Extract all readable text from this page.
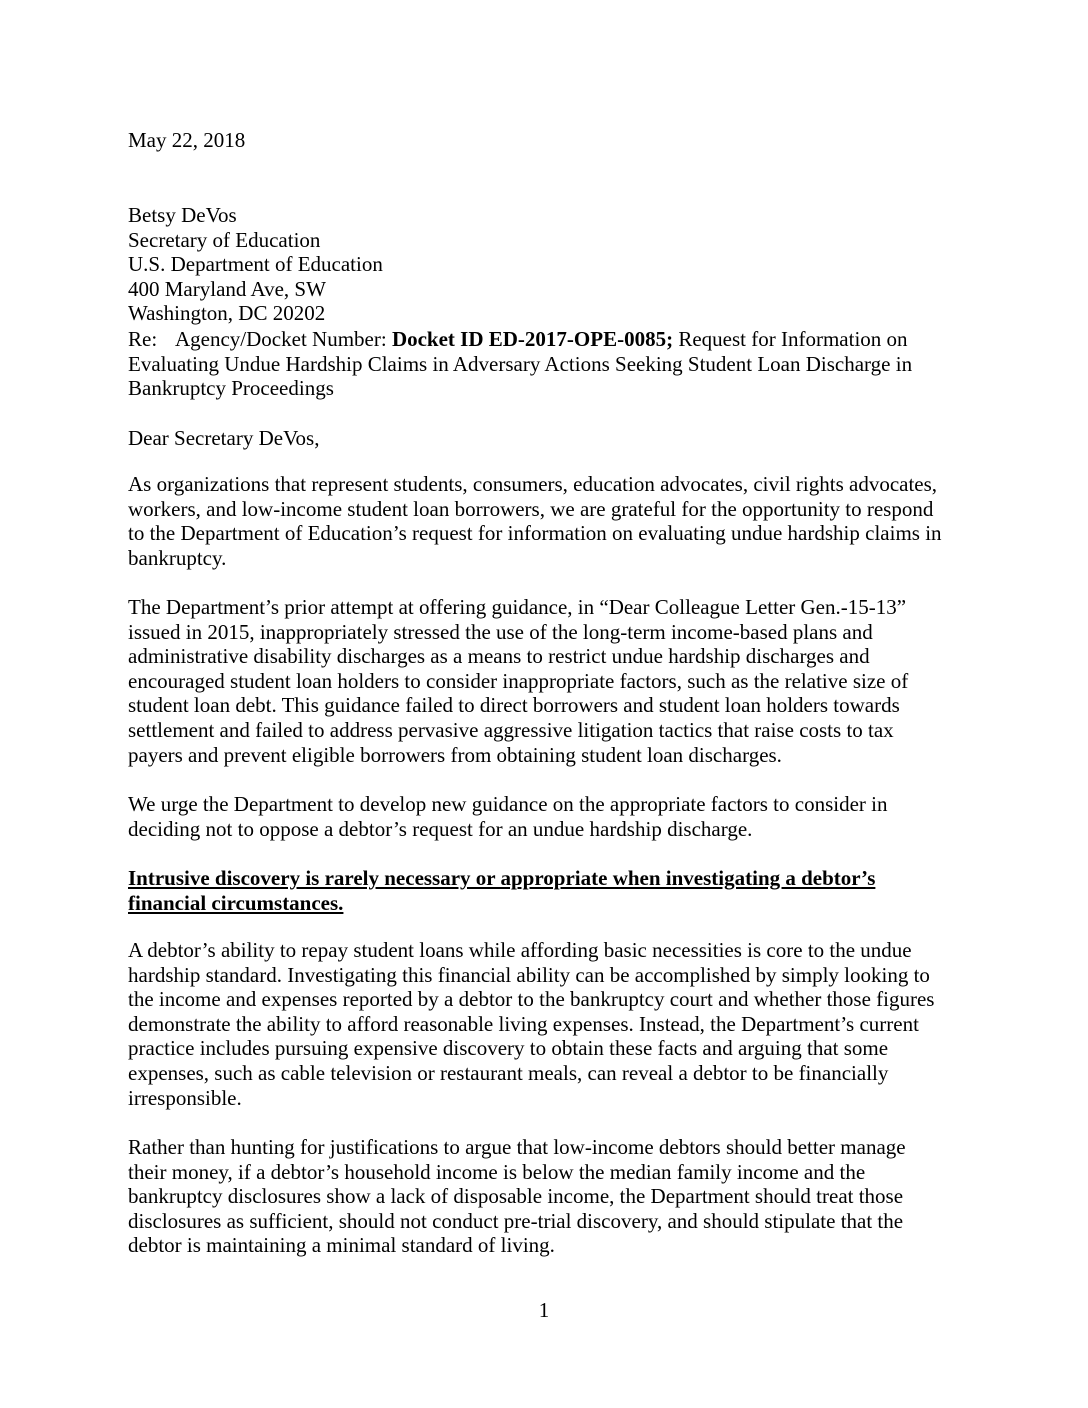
May 22, 2018
Betsy DeVos
Secretary of Education
U.S. Department of Education
400 Maryland Ave, SW
Washington, DC 20202
Re: Agency/Docket Number: Docket ID ED-2017-OPE-0085; Request for Information on
Evaluating Undue Hardship Claims in Adversary Actions Seeking Student Loan Discharge in
Bankruptcy Proceedings
Dear Secretary DeVos,
As organizations that represent students, consumers, education advocates, civil rights advocates,
workers, and low-income student loan borrowers, we are grateful for the opportunity to respond
to the Department of Education’s request for information on evaluating undue hardship claims in
bankruptcy.
The Department’s prior attempt at offering guidance, in “Dear Colleague Letter Gen.-15-13”
issued in 2015, inappropriately stressed the use of the long-term income-based plans and
administrative disability discharges as a means to restrict undue hardship discharges and
encouraged student loan holders to consider inappropriate factors, such as the relative size of
student loan debt. This guidance failed to direct borrowers and student loan holders towards
settlement and failed to address pervasive aggressive litigation tactics that raise costs to tax
payers and prevent eligible borrowers from obtaining student loan discharges.
We urge the Department to develop new guidance on the appropriate factors to consider in
deciding not to oppose a debtor’s request for an undue hardship discharge.
Intrusive discovery is rarely necessary or appropriate when investigating a debtor’s
financial circumstances.
A debtor’s ability to repay student loans while affording basic necessities is core to the undue
hardship standard. Investigating this financial ability can be accomplished by simply looking to
the income and expenses reported by a debtor to the bankruptcy court and whether those figures
demonstrate the ability to afford reasonable living expenses. Instead, the Department’s current
practice includes pursuing expensive discovery to obtain these facts and arguing that some
expenses, such as cable television or restaurant meals, can reveal a debtor to be financially
irresponsible.
Rather than hunting for justifications to argue that low-income debtors should better manage
their money, if a debtor’s household income is below the median family income and the
bankruptcy disclosures show a lack of disposable income, the Department should treat those
disclosures as sufficient, should not conduct pre-trial discovery, and should stipulate that the
debtor is maintaining a minimal standard of living.
1
